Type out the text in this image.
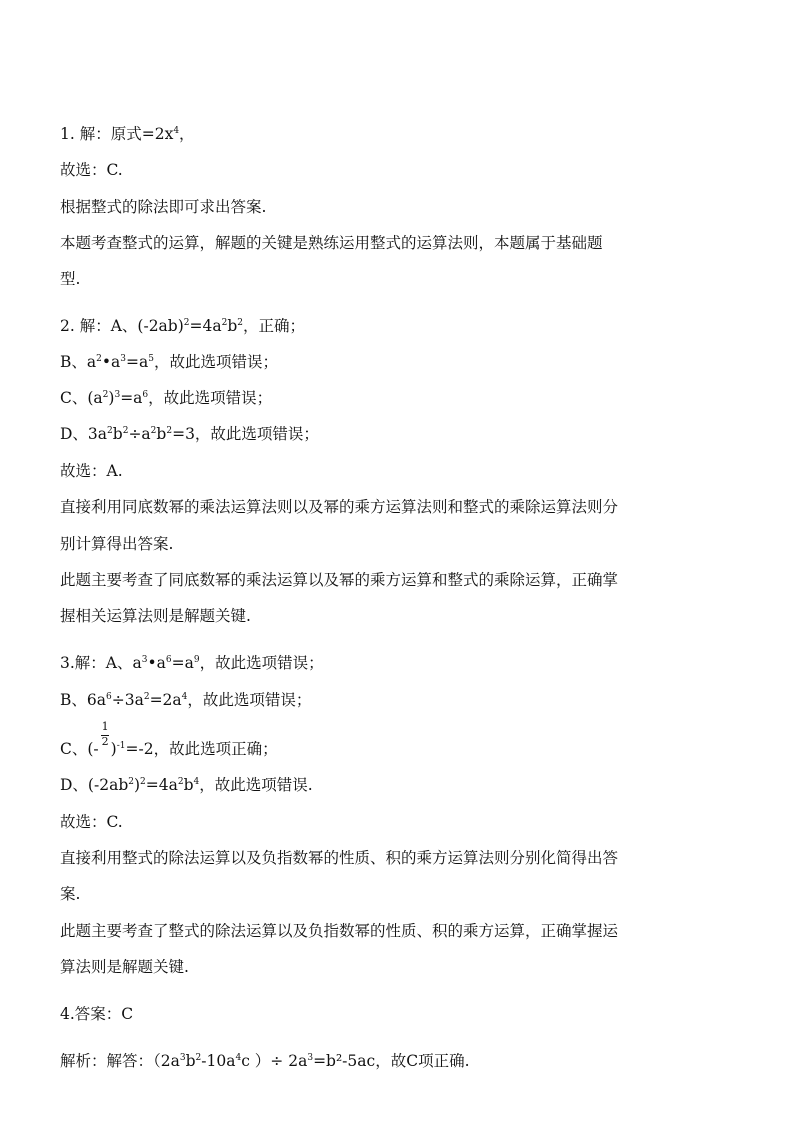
1. 解：原式$=2x^4$，
故选：C.
根据整式的除法即可求出答案.
本题考查整式的运算，解题的关键是熟练运用整式的运算法则，本题属于基础题
型.
2. 解：A、$(-2ab)^2=4a^2b^2$，正确；
B、$a^2•a^3=a^5$，故此选项错误；
C、$(a^2)^3=a^6$，故此选项错误；
D、$3a^2b^2\div a^2b^2=3$，故此选项错误；
故选：A.
直接利用同底数幂的乘法运算法则以及幂的乘方运算法则和整式的乘除运算法则分
别计算得出答案.
此题主要考查了同底数幂的乘法运算以及幂的乘方运算和整式的乘除运算，正确掌
握相关运算法则是解题关键.
3.解：A、$a^3•a^6=a^9$，故此选项错误；
B、$6a^6\div 3a^2=2a^4$，故此选项错误；
C、(- $\frac{1}{2} )^{-1}=-2$，故此选项正确；
D、$(-2ab^2)^2=4a^2b^4$，故此选项错误.
故选：C.
直接利用整式的除法运算以及负指数幂的性质、积的乘方运算法则分别化简得出答
案.
此题主要考查了整式的除法运算以及负指数幂的性质、积的乘方运算，正确掌握运
算法则是解题关键.
4.答案：C
解析：解答：（$2a^3b^2-10a^4c$ ）÷ $2a^3=b^2-5ac$，故C项正确.
